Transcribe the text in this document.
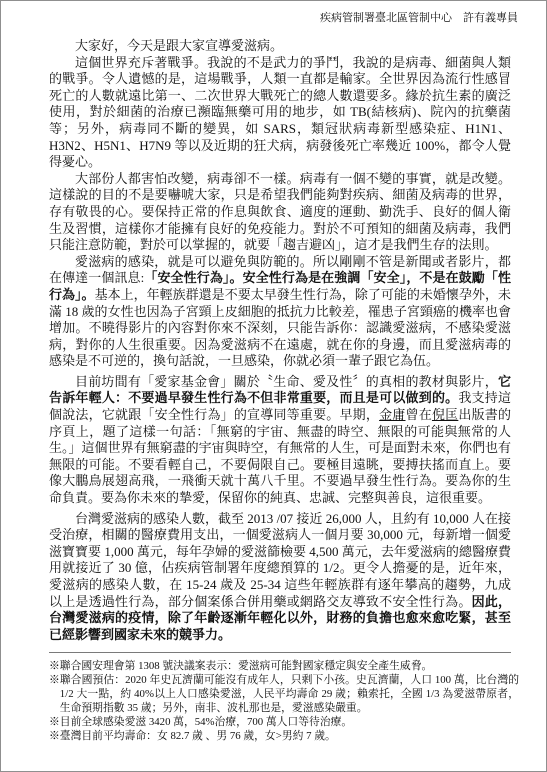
疾病管制署臺北區管制中心 許有義專員

大家好，今天是跟大家宣導愛滋病。

這個世界充斥著戰爭。我說的不是武力的爭鬥，我說的是病毒、細菌與人類的戰爭。令人遺憾的是，這場戰爭，人類一直都是輸家。全世界因為流行性感冒死亡的人數就遠比第一、二次世界大戰死亡的總人數還要多。緣於抗生素的廣泛使用，對於細菌的治療已瀕臨無藥可用的地步，如 TB(結核病)、院內的抗藥菌等；另外，病毒同不斷的變異，如 SARS，類冠狀病毒新型感染症、H1N1、H3N2、H5N1、H7N9 等以及近期的狂犬病，病發後死亡率幾近 100%，都令人覺得憂心。

大部份人都害怕改變，病毒卻不一樣。病毒有一個不變的事實，就是改變。這樣說的目的不是要嚇唬大家，只是希望我們能夠對疾病、細菌及病毒的世界，存有敬畏的心。要保持正常的作息與飲食、適度的運動、勤洗手、良好的個人衛生及習慣，這樣你才能擁有良好的免疫能力。對於不可預知的細菌及病毒，我們只能注意防範，對於可以掌握的，就要「趨吉避凶」，這才是我們生存的法則。

愛滋病的感染，就是可以避免與防範的。所以剛剛不管是新聞或者影片，都在傳達一個訊息:「安全性行為」。安全性行為是在強調「安全」，不是在鼓勵「性行為」。基本上，年輕族群還是不要太早發生性行為，除了可能的未婚懷孕外，未滿 18 歲的女性也因為子宮頸上皮細胞的抵抗力比較差，罹患子宮頸癌的機率也會增加。不曉得影片的內容對你來不深刻，只能告訴你：認識愛滋病，不感染愛滋病，對你的人生很重要。因為愛滋病不在遠處，就在你的身邊，而且愛滋病毒的感染是不可逆的，換句話說，一旦感染，你就必須一輩子跟它為伍。

目前坊間有「愛家基金會」關於〝生命、愛及性〞的真相的教材與影片，它告訴年輕人：不要過早發生性行為不但非常重要，而且是可以做到的。我支持這個說法，它就跟「安全性行為」的宣導同等重要。早期，金庸曾在倪匡出版書的序頁上，題了這樣一句話：「無窮的宇宙、無盡的時空、無限的可能與無常的人生。」這個世界有無窮盡的宇宙與時空，有無常的人生，可是面對未來，你們也有無限的可能。不要看輕自己，不要侷限自己。要極目遠眺，要搏扶搖而直上。要像大鵬鳥展翅高飛，一飛衝天就十萬八千里。不要過早發生性行為。要為你的生命負責。要為你未來的摯愛，保留你的純真、忠誠、完整與善良，這很重要。

台灣愛滋病的感染人數，截至 2013 /07 接近 26,000 人，且約有 10,000 人在接受治療，相關的醫療費用支出，一個愛滋病人一個月要 30,000 元，每新增一個愛滋寶寶要 1,000 萬元，每年孕婦的愛滋篩檢要 4,500 萬元，去年愛滋病的總醫療費用就接近了 30 億，佔疾病管制署年度總預算的 1/2。更令人擔憂的是，近年來，愛滋病的感染人數，在 15-24 歲及 25-34 這些年輕族群有逐年攀高的趨勢，九成以上是透過性行為，部分個案係合併用藥或網路交友導致不安全性行為。因此，台灣愛滋病的疫情，除了年齡逐漸年輕化以外，財務的負擔也愈來愈吃緊，甚至已經影響到國家未來的競爭力。

※聯合國安理會第 1308 號決議案表示：愛滋病可能對國家穩定與安全產生威脅。

※聯合國預估：2020 年史瓦濟蘭可能沒有成年人，只剩下小孩。史瓦濟蘭，人口 100 萬，比台灣的 1/2 大一點，約 40%以上人口感染愛滋，人民平均壽命 29 歲；賴索托，全國 1/3 為愛滋帶原者，生命預期指數 35 歲；另外，南非、波札那也是，愛滋感染嚴重。

※目前全球感染愛滋 3420 萬，54%治療，700 萬人口等待治療。

※臺灣目前平均壽命：女 82.7 歲 、男 76 歲，女>男約 7 歲。
